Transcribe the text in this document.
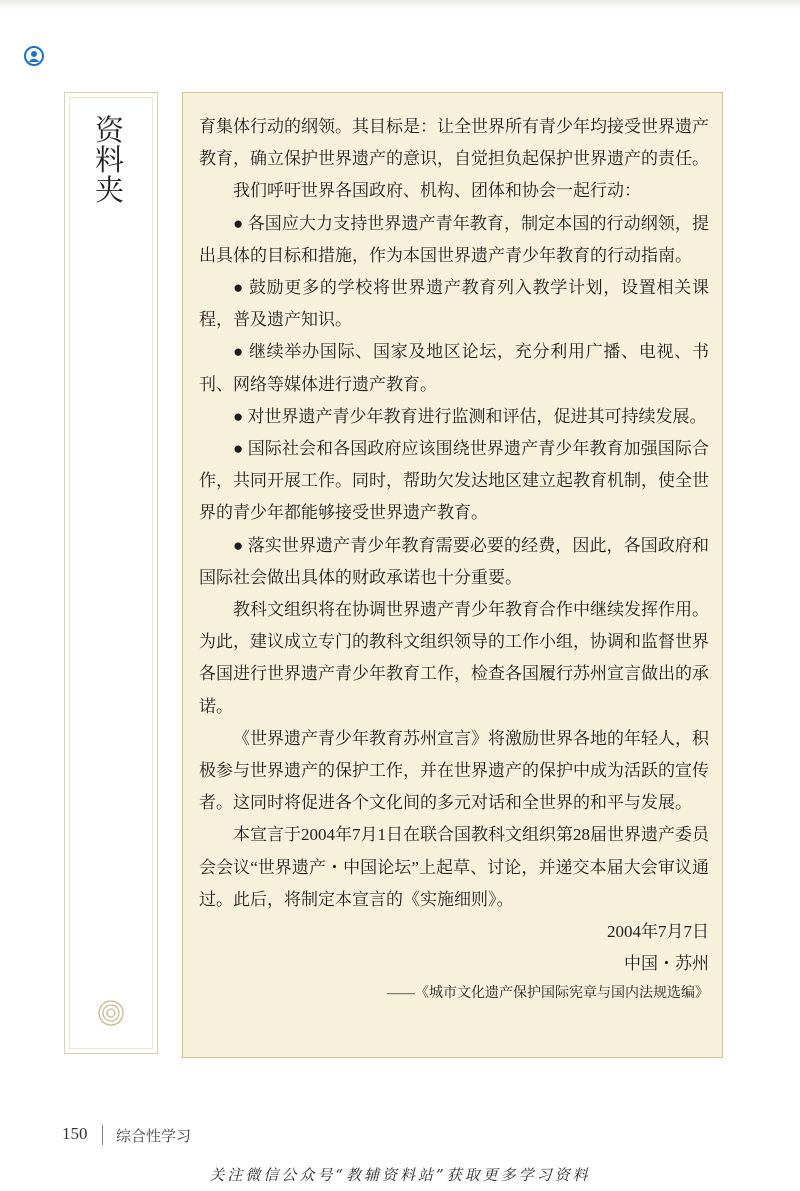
资
料
夹

育集体行动的纲领。其目标是：让全世界所有青少年均接受世界遗产教育，确立保护世界遗产的意识，自觉担负起保护世界遗产的责任。

我们呼吁世界各国政府、机构、团体和协会一起行动：

● 各国应大力支持世界遗产青年教育，制定本国的行动纲领，提出具体的目标和措施，作为本国世界遗产青少年教育的行动指南。

● 鼓励更多的学校将世界遗产教育列入教学计划，设置相关课程，普及遗产知识。

● 继续举办国际、国家及地区论坛，充分利用广播、电视、书刊、网络等媒体进行遗产教育。

● 对世界遗产青少年教育进行监测和评估，促进其可持续发展。

● 国际社会和各国政府应该围绕世界遗产青少年教育加强国际合作，共同开展工作。同时，帮助欠发达地区建立起教育机制，使全世界的青少年都能够接受世界遗产教育。

● 落实世界遗产青少年教育需要必要的经费，因此，各国政府和国际社会做出具体的财政承诺也十分重要。

教科文组织将在协调世界遗产青少年教育合作中继续发挥作用。为此，建议成立专门的教科文组织领导的工作小组，协调和监督世界各国进行世界遗产青少年教育工作，检查各国履行苏州宣言做出的承诺。

《世界遗产青少年教育苏州宣言》将激励世界各地的年轻人，积极参与世界遗产的保护工作，并在世界遗产的保护中成为活跃的宣传者。这同时将促进各个文化间的多元对话和全世界的和平与发展。

本宣言于2004年7月1日在联合国教科文组织第28届世界遗产委员会会议“世界遗产・中国论坛”上起草、讨论，并递交本届大会审议通过。此后，将制定本宣言的《实施细则》。

2004年7月7日

中国・苏州

——《城市文化遗产保护国际宪章与国内法规选编》

150 综合性学习
关注微信公众号“教辅资料站”获取更多学习资料
